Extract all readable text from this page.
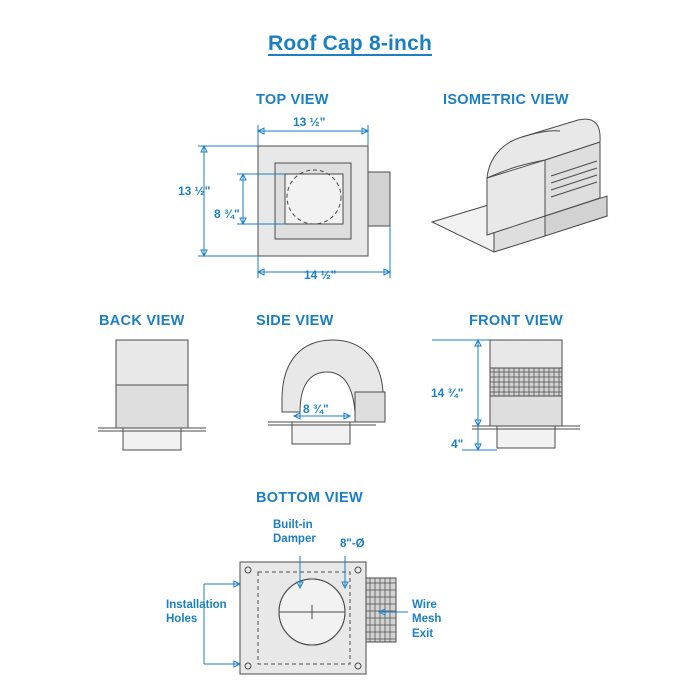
Roof Cap 8-inch
TOP VIEW	ISOMETRIC VIEW
BACK VIEW	SIDE VIEW	FRONT VIEW
BOTTOM VIEW
13 ½"
13 ½"
8 ¾"
14 ½"
8 ¾"
14 ¾"
4"
Built-in
Damper 8"-Ø
Wire
Mesh
Exit
Installation
Holes
